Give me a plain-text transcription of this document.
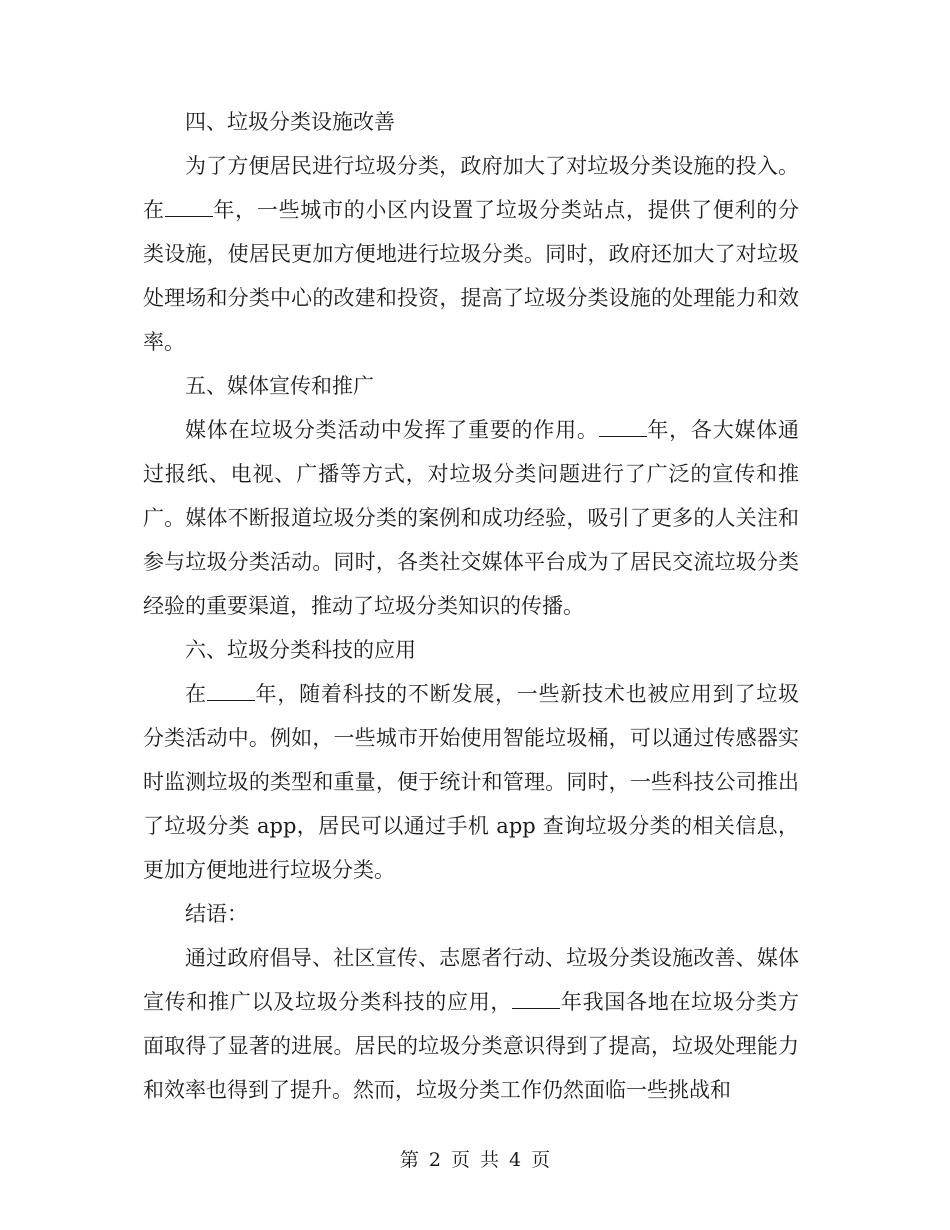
四、垃圾分类设施改善

为了方便居民进行垃圾分类，政府加大了对垃圾分类设施的投入。在 年，一些城市的小区内设置了垃圾分类站点，提供了便利的分类设施，使居民更加方便地进行垃圾分类。同时，政府还加大了对垃圾处理场和分类中心的改建和投资，提高了垃圾分类设施的处理能力和效率。

五、媒体宣传和推广

媒体在垃圾分类活动中发挥了重要的作用。 年，各大媒体通过报纸、电视、广播等方式，对垃圾分类问题进行了广泛的宣传和推广。媒体不断报道垃圾分类的案例和成功经验，吸引了更多的人关注和参与垃圾分类活动。同时，各类社交媒体平台成为了居民交流垃圾分类经验的重要渠道，推动了垃圾分类知识的传播。

六、垃圾分类科技的应用

在 年，随着科技的不断发展，一些新技术也被应用到了垃圾分类活动中。例如，一些城市开始使用智能垃圾桶，可以通过传感器实时监测垃圾的类型和重量，便于统计和管理。同时，一些科技公司推出了垃圾分类 app，居民可以通过手机 app 查询垃圾分类的相关信息，更加方便地进行垃圾分类。

结语：

通过政府倡导、社区宣传、志愿者行动、垃圾分类设施改善、媒体宣传和推广以及垃圾分类科技的应用， 年我国各地在垃圾分类方面取得了显著的进展。居民的垃圾分类意识得到了提高，垃圾处理能力和效率也得到了提升。然而，垃圾分类工作仍然面临一些挑战和

第 2 页 共 4 页
